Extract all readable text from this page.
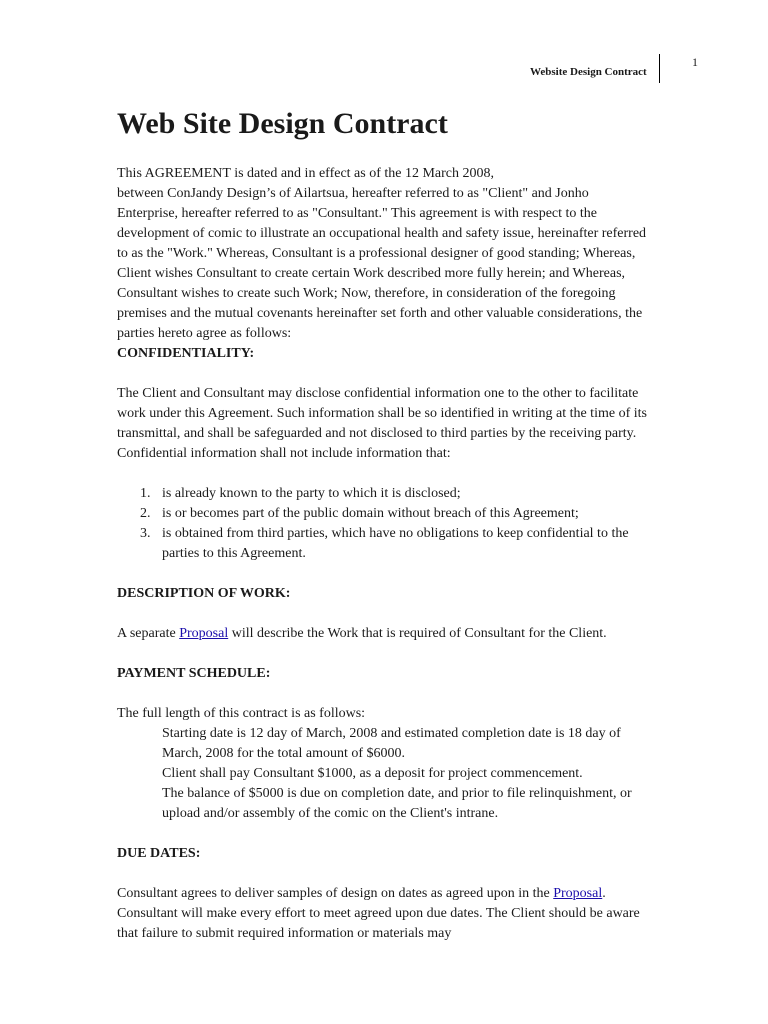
1
Website Design Contract
Web Site Design Contract

This AGREEMENT is dated and in effect as of the 12 March 2008,

between ConJandy Design’s of Ailartsua, hereafter referred to as "Client" and Jonho Enterprise, hereafter referred to as "Consultant." This agreement is with respect to the development of comic to illustrate an occupational health and safety issue, hereinafter referred to as the "Work." Whereas, Consultant is a professional designer of good standing; Whereas, Client wishes Consultant to create certain Work described more fully herein; and Whereas, Consultant wishes to create such Work; Now, therefore, in consideration of the foregoing premises and the mutual covenants hereinafter set forth and other valuable considerations, the parties hereto agree as follows:

CONFIDENTIALITY:

The Client and Consultant may disclose confidential information one to the other to facilitate work under this Agreement. Such information shall be so identified in writing at the time of its transmittal, and shall be safeguarded and not disclosed to third parties by the receiving party. Confidential information shall not include information that:

1. is already known to the party to which it is disclosed;
2. is or becomes part of the public domain without breach of this Agreement;
3. is obtained from third parties, which have no obligations to keep confidential to the parties to this Agreement.

DESCRIPTION OF WORK:

A separate Proposal will describe the Work that is required of Consultant for the Client.

PAYMENT SCHEDULE:

The full length of this contract is as follows:

Starting date is 12 day of March, 2008 and estimated completion date is 18 day of March, 2008 for the total amount of $6000.

Client shall pay Consultant $1000, as a deposit for project commencement.

The balance of $5000 is due on completion date, and prior to file relinquishment, or upload and/or assembly of the comic on the Client's intrane.

DUE DATES:

Consultant agrees to deliver samples of design on dates as agreed upon in the Proposal. Consultant will make every effort to meet agreed upon due dates. The Client should be aware that failure to submit required information or materials may
